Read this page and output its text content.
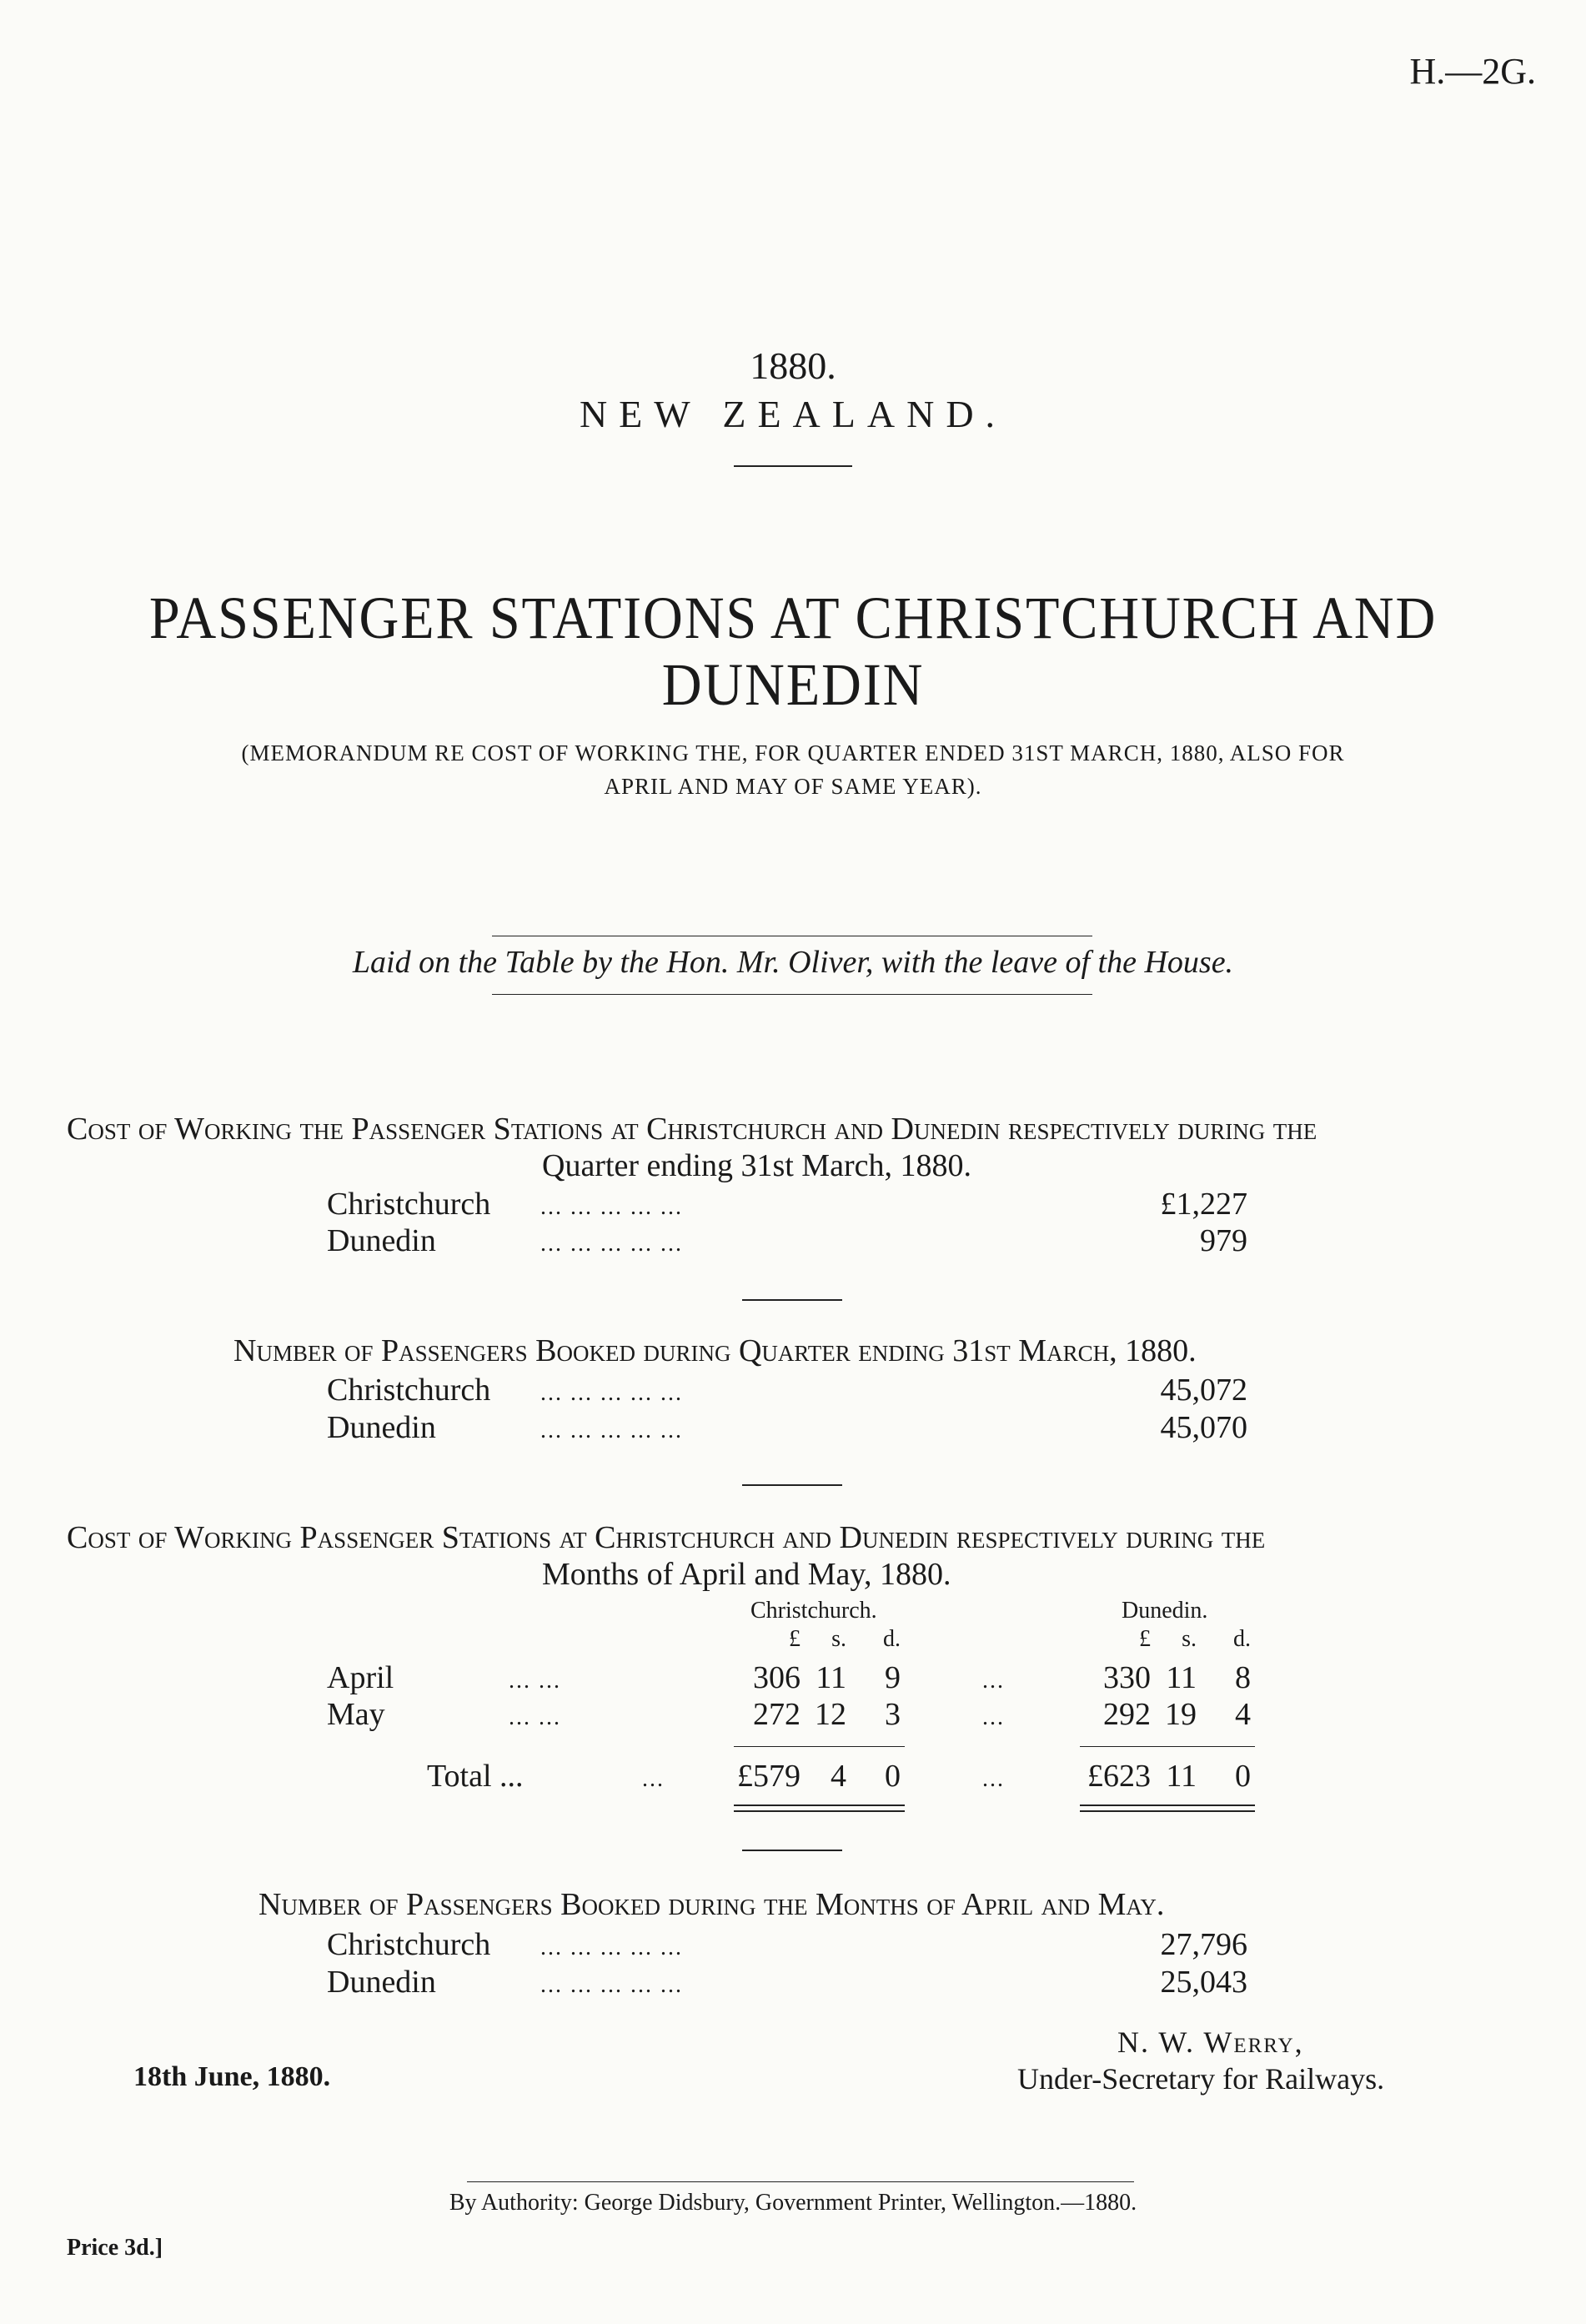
H.—2G.
1880.
NEW ZEALAND.
PASSENGER STATIONS AT CHRISTCHURCH AND
DUNEDIN
(MEMORANDUM RE COST OF WORKING THE, FOR QUARTER ENDED 31ST MARCH, 1880, ALSO FOR
APRIL AND MAY OF SAME YEAR).
Laid on the Table by the Hon. Mr. Oliver, with the leave of the House.
Cost of Working the Passenger Stations at Christchurch and Dunedin respectively during the
Quarter ending 31st March, 1880.
Christchurch ... ... ... ... ...	£1,227
Dunedin	... ... ... ... ...	979
Number of Passengers Booked during Quarter ending 31st March, 1880.
Christchurch ... ... ... ... ...	45,072
Dunedin	... ... ... ... ...	45,070
Cost of Working Passenger Stations at Christchurch and Dunedin respectively during the
Months of April and May, 1880.
Christchurch.	Dunedin.
£	s.	d.	£	s.	d.
April	... ...	306 11	9	...	330 11	8
May	... ...	272 12	3	...	292 19	4
Total ...	...	£579 4	0	...	£623 11	0
Number of Passengers Booked during the Months of April and May.
Christchurch ... ... ... ... ...	27,796
Dunedin	... ... ... ... ...	25,043
N. W. Werry,
18th June, 1880.	Under-Secretary for Railways.
By Authority: George Didsbury, Government Printer, Wellington.—1880.
Price 3d.]
